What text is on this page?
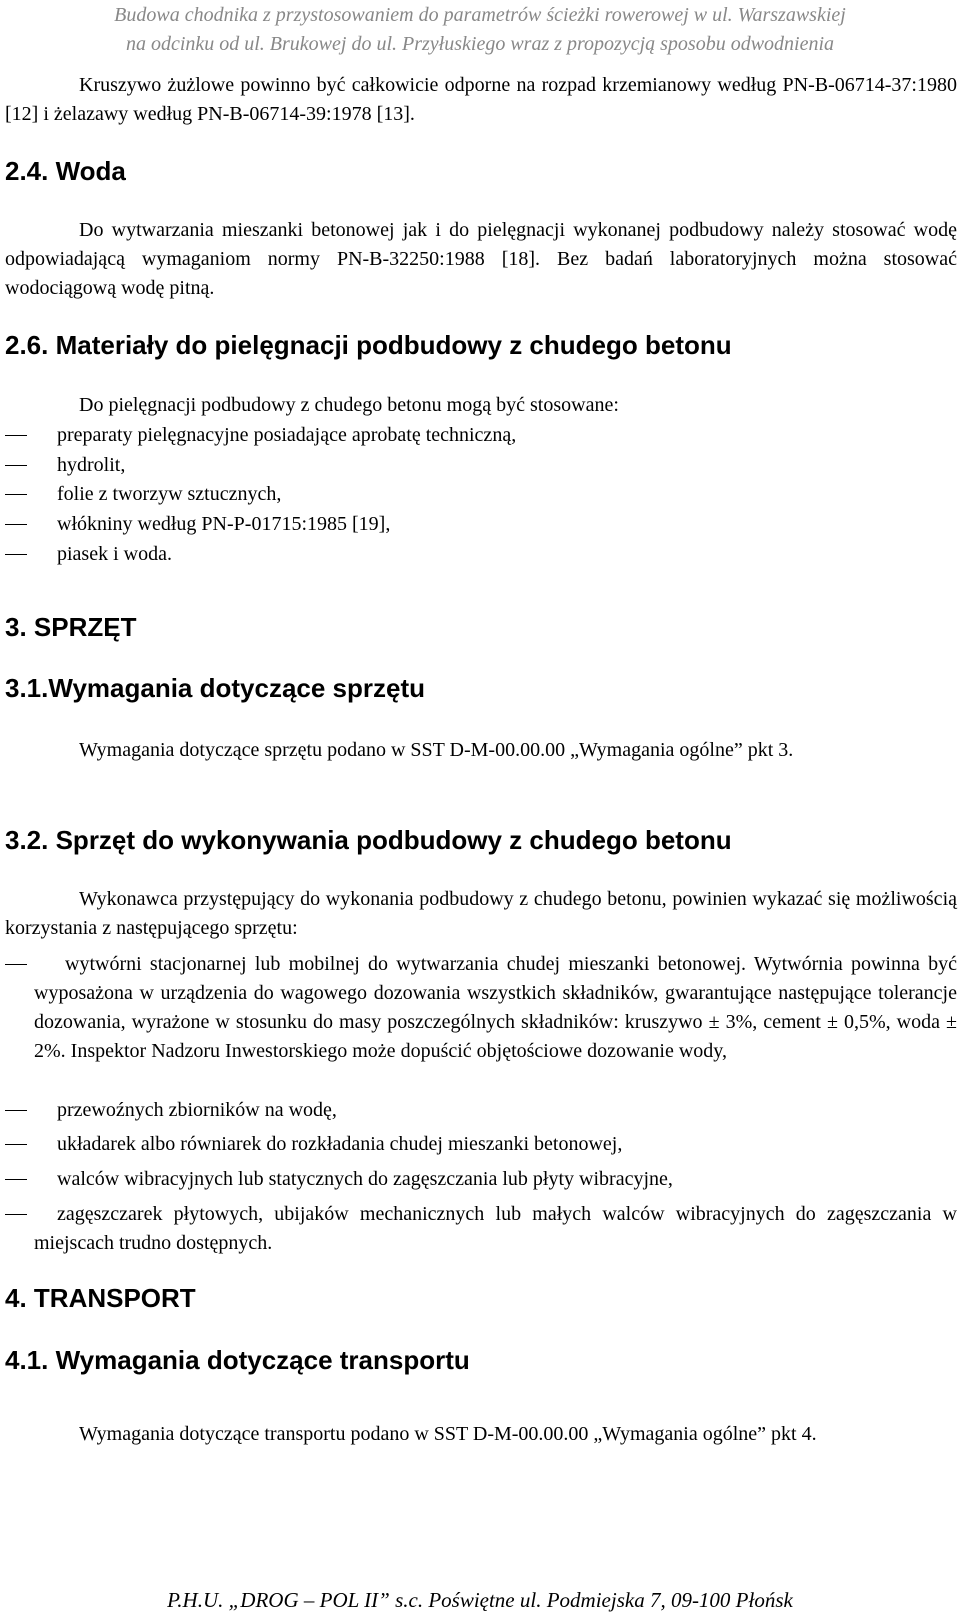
Budowa chodnika z przystosowaniem do parametrów ścieżki rowerowej w ul. Warszawskiej
na odcinku od ul. Brukowej do ul. Przyłuskiego wraz z propozycją sposobu odwodnienia
Kruszywo żużlowe powinno być całkowicie odporne na rozpad krzemianowy według PN-B-06714-37:1980 [12] i żelazawy według PN-B-06714-39:1978 [13].
2.4. Woda
Do wytwarzania mieszanki betonowej jak i do pielęgnacji wykonanej podbudowy należy stosować wodę odpowiadającą wymaganiom normy PN-B-32250:1988 [18]. Bez badań laboratoryjnych można stosować wodociągową wodę pitną.
2.6. Materiały do pielęgnacji podbudowy z chudego betonu
Do pielęgnacji podbudowy z chudego betonu mogą być stosowane:
preparaty pielęgnacyjne posiadające aprobatę techniczną,
hydrolit,
folie z tworzyw sztucznych,
włókniny według PN-P-01715:1985 [19],
piasek i woda.
3. SPRZĘT
3.1.Wymagania dotyczące sprzętu
Wymagania dotyczące sprzętu podano w SST D-M-00.00.00 „Wymagania ogólne” pkt 3.
3.2. Sprzęt do wykonywania podbudowy z chudego betonu
Wykonawca przystępujący do wykonania podbudowy z chudego betonu, powinien wykazać się możliwością korzystania z następującego sprzętu:
wytwórni stacjonarnej lub mobilnej do wytwarzania chudej mieszanki betonowej. Wytwórnia powinna być wyposażona w urządzenia do wagowego dozowania wszystkich składników, gwarantujące następujące tolerancje dozowania, wyrażone w stosunku do masy poszczególnych składników: kruszywo ± 3%, cement ± 0,5%, woda ± 2%. Inspektor Nadzoru Inwestorskiego może dopuścić objętościowe dozowanie wody,
przewoźnych zbiorników na wodę,
układarek albo równiarek do rozkładania chudej mieszanki betonowej,
walców wibracyjnych lub statycznych do zagęszczania lub płyty wibracyjne,
zagęszczarek płytowych, ubijaków mechanicznych lub małych walców wibracyjnych do zagęszczania w miejscach trudno dostępnych.
4. TRANSPORT
4.1. Wymagania dotyczące transportu
Wymagania dotyczące transportu podano w SST D-M-00.00.00 „Wymagania ogólne” pkt 4.
P.H.U. „DROG – POL II” s.c. Poświętne ul. Podmiejska 7, 09-100 Płońsk
